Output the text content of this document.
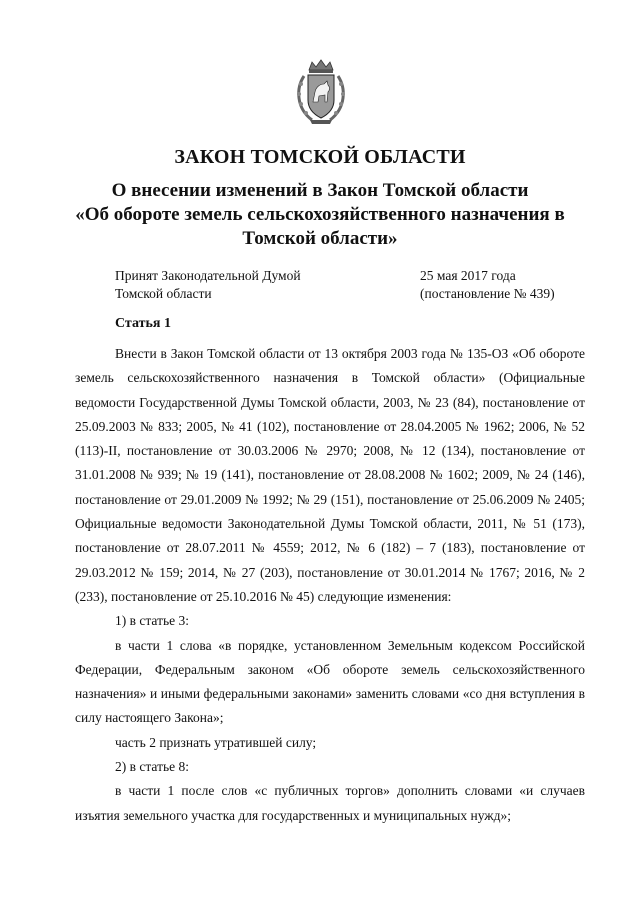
ЗАКОН ТОМСКОЙ ОБЛАСТИ
О внесении изменений в Закон Томской области
«Об обороте земель сельскохозяйственного назначения в
Томской области»
Принят Законодательной Думой
Томской области
25 мая 2017 года
(постановление № 439)
Статья 1

Внести в Закон Томской области от 13 октября 2003 года № 135-ОЗ «Об обороте земель сельскохозяйственного назначения в Томской области» (Официальные ведомости Государственной Думы Томской области, 2003, № 23 (84), постановление от 25.09.2003 № 833; 2005, № 41 (102), постановление от 28.04.2005 № 1962; 2006, № 52 (113)-II, постановление от 30.03.2006 № 2970; 2008, № 12 (134), постановление от 31.01.2008 № 939; № 19 (141), постановление от 28.08.2008 № 1602; 2009, № 24 (146), постановление от 29.01.2009 № 1992; № 29 (151), постановление от 25.06.2009 № 2405; Официальные ведомости Законодательной Думы Томской области, 2011, № 51 (173), постановление от 28.07.2011 № 4559; 2012, № 6 (182) – 7 (183), постановление от 29.03.2012 № 159; 2014, № 27 (203), постановление от 30.01.2014 № 1767; 2016, № 2 (233), постановление от 25.10.2016 № 45) следующие изменения:

1) в статье 3:

в части 1 слова «в порядке, установленном Земельным кодексом Российской Федерации, Федеральным законом «Об обороте земель сельскохозяйственного назначения» и иными федеральными законами» заменить словами «со дня вступления в силу настоящего Закона»;

часть 2 признать утратившей силу;

2) в статье 8:

в части 1 после слов «с публичных торгов» дополнить словами «и случаев изъятия земельного участка для государственных и муниципальных нужд»;
